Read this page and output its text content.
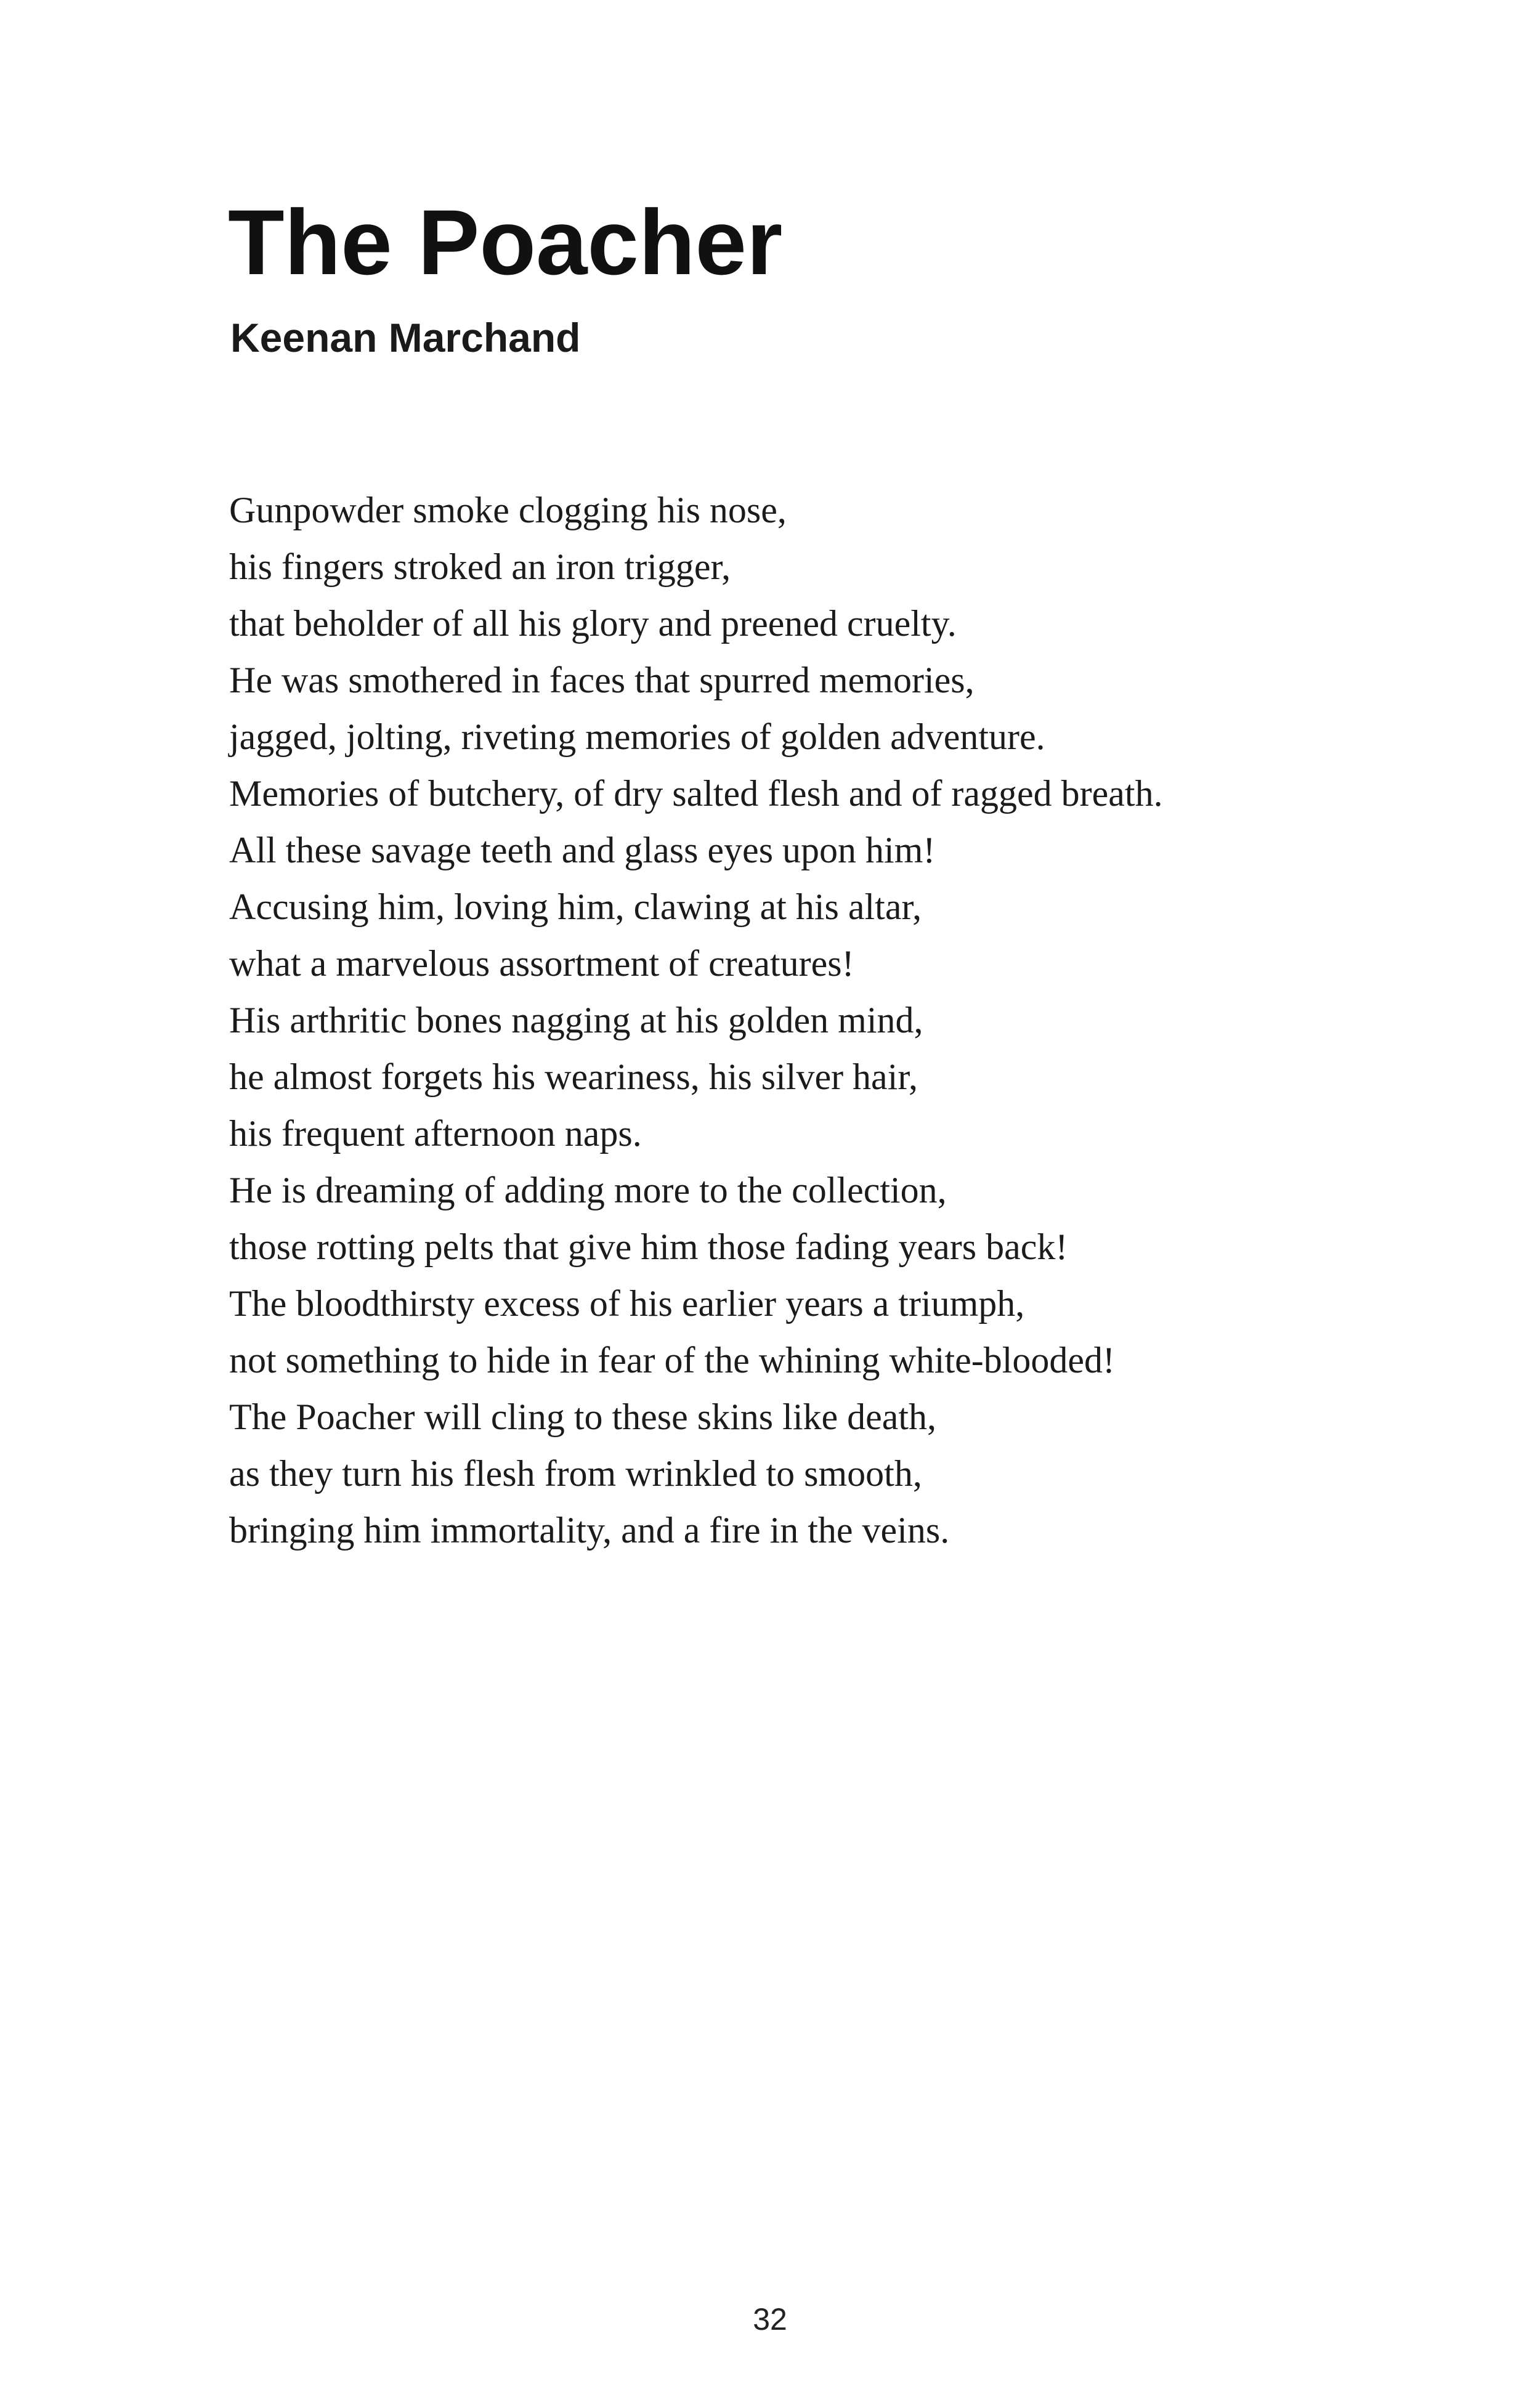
The Poacher
Keenan Marchand
Gunpowder smoke clogging his nose,
his fingers stroked an iron trigger,
that beholder of all his glory and preened cruelty.
He was smothered in faces that spurred memories,
jagged, jolting, riveting memories of golden adventure.
Memories of butchery, of dry salted flesh and of ragged breath.
All these savage teeth and glass eyes upon him!
Accusing him, loving him, clawing at his altar,
what a marvelous assortment of creatures!
His arthritic bones nagging at his golden mind,
he almost forgets his weariness, his silver hair,
his frequent afternoon naps.
He is dreaming of adding more to the collection,
those rotting pelts that give him those fading years back!
The bloodthirsty excess of his earlier years a triumph,
not something to hide in fear of the whining white-blooded!
The Poacher will cling to these skins like death,
as they turn his flesh from wrinkled to smooth,
bringing him immortality, and a fire in the veins.
32
